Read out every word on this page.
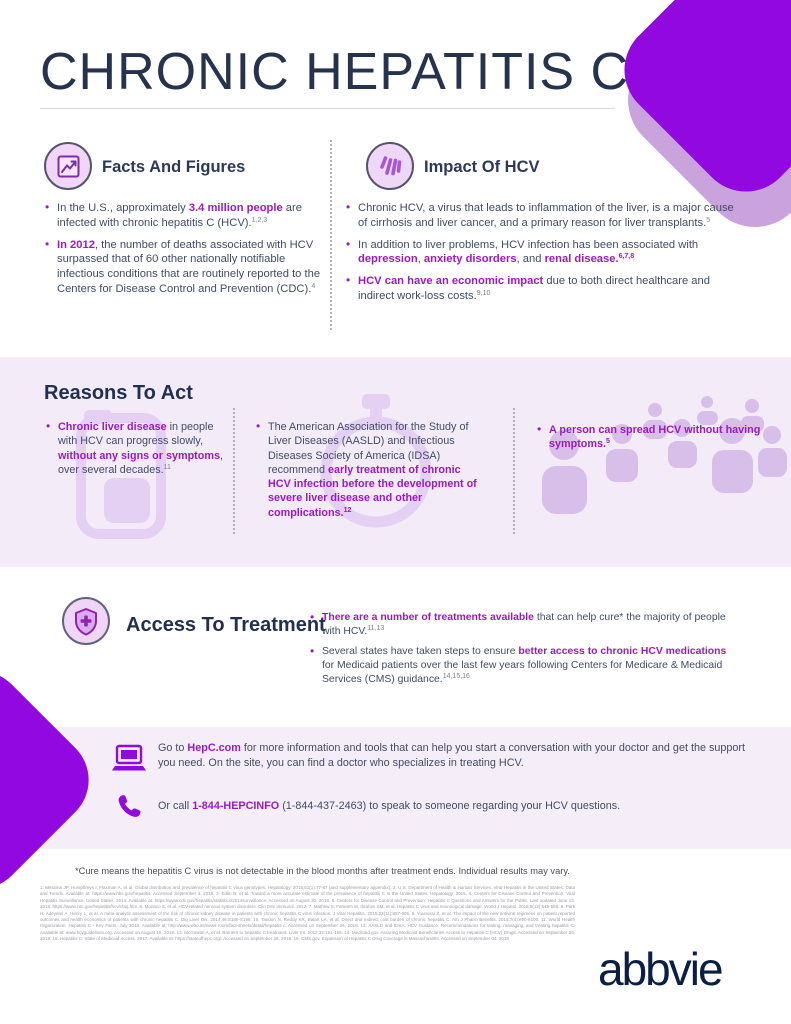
CHRONIC HEPATITIS C
Facts And Figures	Impact Of HCV
• In the U.S., approximately 3.4 million people are infected with chronic hepatitis C (HCV).$^{1,2,3}$
• In 2012, the number of deaths associated with HCV surpassed that of 60 other nationally notifiable infectious conditions that are routinely reported to the Centers for Disease Control and Prevention (CDC).$^4$
• Chronic HCV, a virus that leads to inflammation of the liver, is a major cause of cirrhosis and liver cancer, and a primary reason for liver transplants.$^5$
• In addition to liver problems, HCV infection has been associated with depression, anxiety disorders, and renal disease.$^{6,7,8}$
• HCV can have an economic impact due to both direct healthcare and indirect work-loss costs.$^{9,10}$
Reasons To Act
• Chronic liver disease in people with HCV can progress slowly, without any signs or symptoms, over several decades.$^{11}$
• The American Association for the Study of Liver Diseases (AASLD) and Infectious Diseases Society of America (IDSA) recommend early treatment of chronic HCV infection before the development of severe liver disease and other complications.$^{12}$
• A person can spread HCV without having symptoms.$^5$
Access To Treatment
• There are a number of treatments available that can help cure* the majority of people with HCV.$^{11,13}$
• Several states have taken steps to ensure better access to chronic HCV medications for Medicaid patients over the last few years following Centers for Medicare & Medicaid Services (CMS) guidance.$^{14,15,16}$
Go to HepC.com for more information and tools that can help you start a conversation with your doctor and get the support you need. On the site, you can find a doctor who specializes in treating HCV.
Or call 1-844-HEPCINFO (1-844-437-2463) to speak to someone regarding your HCV questions.
*Cure means the hepatitis C virus is not detectable in the blood months after treatment ends. Individual results may vary.
1. Messina JP, Humphreys I, Flaxman A, et al. Global distribution and prevalence of hepatitis C virus genotypes. Hepatology. 2015;61(1):77-87 (and supplementary appendix). 2. U.S. Department of Health & Human Services. Viral Hepatitis in the United States: Data and Trends. Available at: https://www.hhs.gov/hepatitis. Accessed September 4, 2018. 3. Edlin B, et al. Toward a more accurate estimate of the prevalence of hepatitis C in the United States. Hepatology. 2015. 4. Centers for Disease Control and Prevention. Viral Hepatitis Surveillance, United States, 2014. Available at: https://www.cdc.gov/hepatitis/statistics/2014surveillance. Accessed on August 30, 2018. 5. Centers for Disease Control and Prevention. Hepatitis C Questions and Answers for the Public. Last updated June 13, 2018. https://www.cdc.gov/hepatitis/hcv/cfaq.htm. 6. Monaco S, et al. HCV-related nervous system disorders. Clin Dev Immunol. 2012. 7. Mathew S, Faheem M, Ibrahim SM, et al. Hepatitis C virus and neurological damage. World J Hepatol. 2016;8(12):545-556. 8. Park H, Adeyemi A, Henry L, et al. A meta-analytic assessment of the risk of chronic kidney disease in patients with chronic hepatitis C virus infection. J Viral Hepatitis. 2015;22(11):897-905. 9. Younossi Z, et al. The impact of the new antiviral regimens on patient reported outcomes and health economics of patients with chronic hepatitis C. Dig Liver Dis. 2014;46:S186-S196. 10. Tandon N, Reddy KR, Balart LA, et al. Direct and indirect cost burden of chronic hepatitis C. Am J Pharm Benefits. 2015;7(4):e90-e100. 11. World Health Organization. Hepatitis C - Key Facts. July 2018. Available at: http://www.who.int/news-room/fact-sheets/detail/hepatitis-c. Accessed on September 26, 2018. 12. AASLD and IDSA. HCV Guidance: Recommendations for testing, managing, and treating hepatitis C. Available at: www.hcvguidelines.org. Accessed on August 15, 2018. 13. McGowan A, et al. Barriers to hepatitis C treatment. Liver Int. 2012;32:151-156. 14. Medicaid.gov. Assuring Medicaid Beneficiaries Access to Hepatitis C (HCV) Drugs. Accessed on September 26, 2018. 15. Hepatitis C: State of Medicaid Access. 2017. Available at: https://stateofhepc.org/. Accessed on September 26, 2018. 16. CMS.gov. Expansion of Hepatitis C Drug Coverage in Massachusetts. Accessed on September 04, 2018.
abbvie
